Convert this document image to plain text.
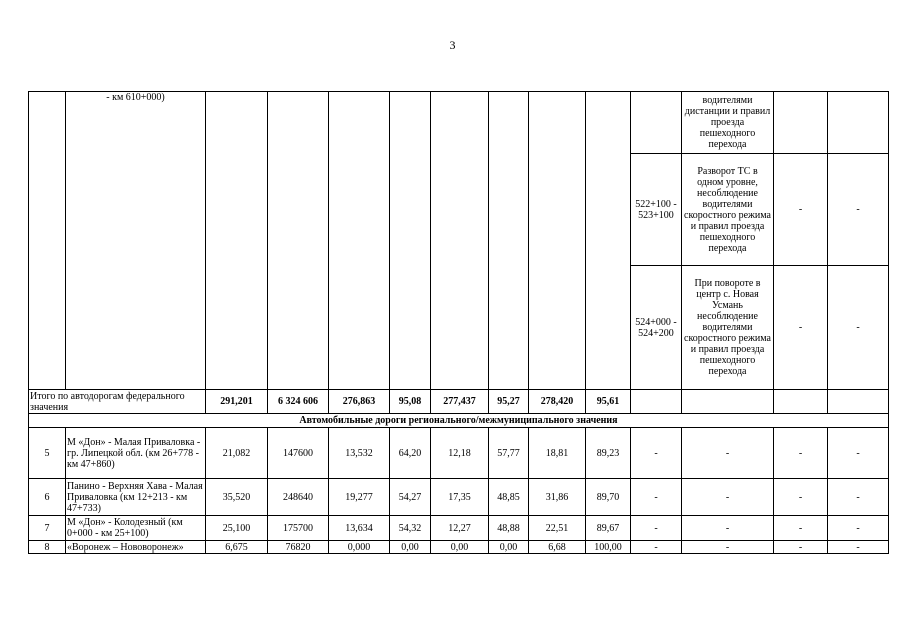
3
	- км 610+000)										водителями дистанции и правил проезда пешеходного перехода		
										522+100 - 523+100	Разворот ТС в одном уровне, несоблюдение водителями скоростного режима и правил проезда пешеходного перехода	-	-
										524+000 - 524+200	При повороте в центр с. Новая Усмань несоблюдение водителями скоростного режима и правил проезда пешеходного перехода	-	-
Итого по автодорогам федерального значения		291,201	6 324 606	276,863	95,08	277,437	95,27	278,420	95,61				
Автомобильные дороги регионального/межмуниципального значения													
5	М «Дон» - Малая Приваловка - гр. Липецкой обл. (км 26+778 - км 47+860)	21,082	147600	13,532	64,20	12,18	57,77	18,81	89,23	-	-	-	-
6	Панино - Верхняя Хава - Малая Приваловка (км 12+213 - км 47+733)	35,520	248640	19,277	54,27	17,35	48,85	31,86	89,70	-	-	-	-
7	М «Дон» - Колодезный (км 0+000 - км 25+100)	25,100	175700	13,634	54,32	12,27	48,88	22,51	89,67	-	-	-	-
8	«Воронеж – Нововоронеж»	6,675	76820	0,000	0,00	0,00	0,00	6,68	100,00	-	-	-	-
